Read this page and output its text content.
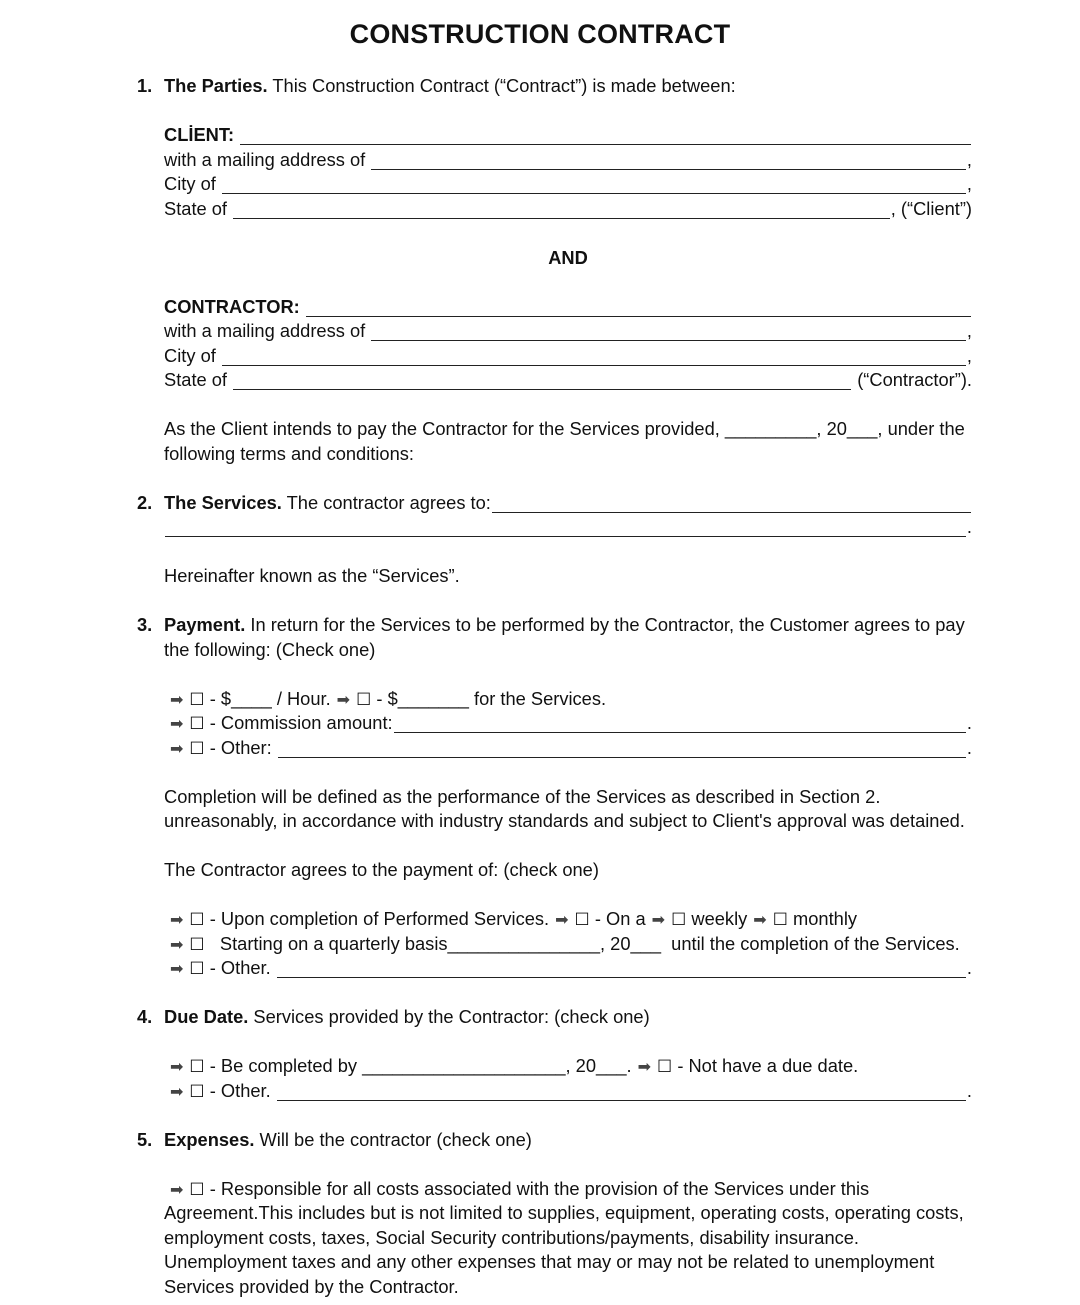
CONSTRUCTION CONTRACT
1. The Parties. This Construction Contract (“Contract”) is made between:
CLİENT:
with a mailing address of	,
City of	,
State of	, (“Client”)
AND
CONTRACTOR:
with a mailing address of	,
City of	,
State of	(“Contractor”).
As the Client intends to pay the Contractor for the Services provided, _________, 20___, under the
following terms and conditions:
2. The Services. The contractor agrees to:
.
Hereinafter known as the “Services”.
3. Payment. In return for the Services to be performed by the Contractor, the Customer agrees to pay
the following: (Check one)
➡ ☐ - $____ / Hour. ➡ ☐ - $_______ for the Services.
➡ ☐ - Commission amount:	.
➡ ☐ - Other:	.
Completion will be defined as the performance of the Services as described in Section 2.
unreasonably, in accordance with industry standards and subject to Client's approval was detained.
The Contractor agrees to the payment of: (check one)
➡ ☐ - Upon completion of Performed Services. ➡ ☐ - On a ➡ ☐ weekly ➡ ☐ monthly
➡ ☐ Starting on a quarterly basis_______________, 20___  until the completion of the Services.
➡ ☐ - Other.	.
4. Due Date. Services provided by the Contractor: (check one)
➡ ☐ - Be completed by ____________________, 20___. ➡ ☐ - Not have a due date.
➡ ☐ - Other.	.
5. Expenses. Will be the contractor (check one)
➡ ☐ - Responsible for all costs associated with the provision of the Services under this
Agreement.This includes but is not limited to supplies, equipment, operating costs, operating costs,
employment costs, taxes, Social Security contributions/payments, disability insurance.
Unemployment taxes and any other expenses that may or may not be related to unemployment
Services provided by the Contractor.
